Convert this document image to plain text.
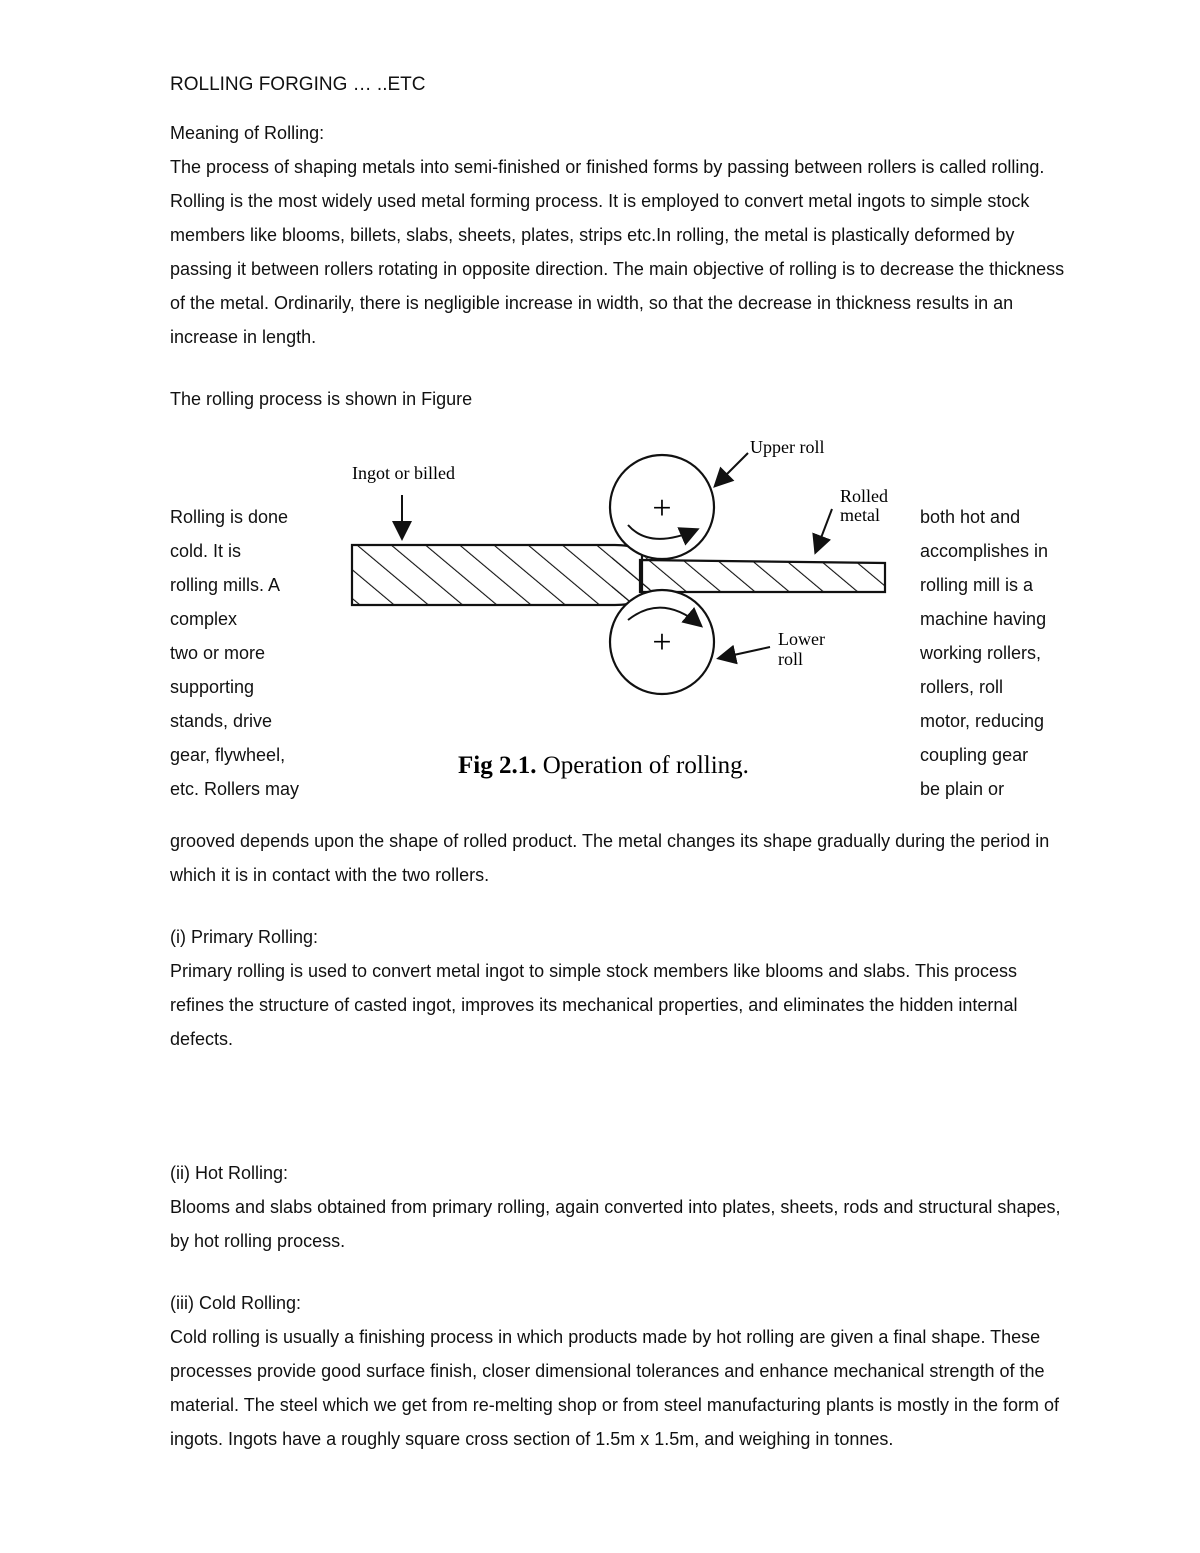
ROLLING FORGING … ..ETC

Meaning of Rolling:

The process of shaping metals into semi-finished or finished forms by passing between rollers is called rolling. Rolling is the most widely used metal forming process. It is employed to convert metal ingots to simple stock members like blooms, billets, slabs, sheets, plates, strips etc.In rolling, the metal is plastically deformed by passing it between rollers rotating in opposite direction. The main objective of rolling is to decrease the thickness of the metal. Ordinarily, there is negligible increase in width, so that the decrease in thickness results in an increase in length.

The rolling process is shown in Figure

Rolling is done
cold. It is
rolling mills. A
complex
two or more
supporting
stands, drive
gear, flywheel,
etc. Rollers may
both hot and
accomplishes in
rolling mill is a
machine having
working rollers,
rollers, roll
motor, reducing
coupling gear
be plain or

grooved depends upon the shape of rolled product. The metal changes its shape gradually during the period in which it is in contact with the two rollers.

(i) Primary Rolling:

Primary rolling is used to convert metal ingot to simple stock members like blooms and slabs. This process refines the structure of casted ingot, improves its mechanical properties, and eliminates the hidden internal defects.

(ii) Hot Rolling:

Blooms and slabs obtained from primary rolling, again converted into plates, sheets, rods and structural shapes, by hot rolling process.

(iii) Cold Rolling:

Cold rolling is usually a finishing process in which products made by hot rolling are given a final shape. These processes provide good surface finish, closer dimensional tolerances and enhance mechanical strength of the material. The steel which we get from re-melting shop or from steel manufacturing plants is mostly in the form of ingots. Ingots have a roughly square cross section of 1.5m x 1.5m, and weighing in tonnes.

+
+
Upper roll
Ingot or billed
Rolled
metal
Lower
roll
Fig 2.1. Operation of rolling.
